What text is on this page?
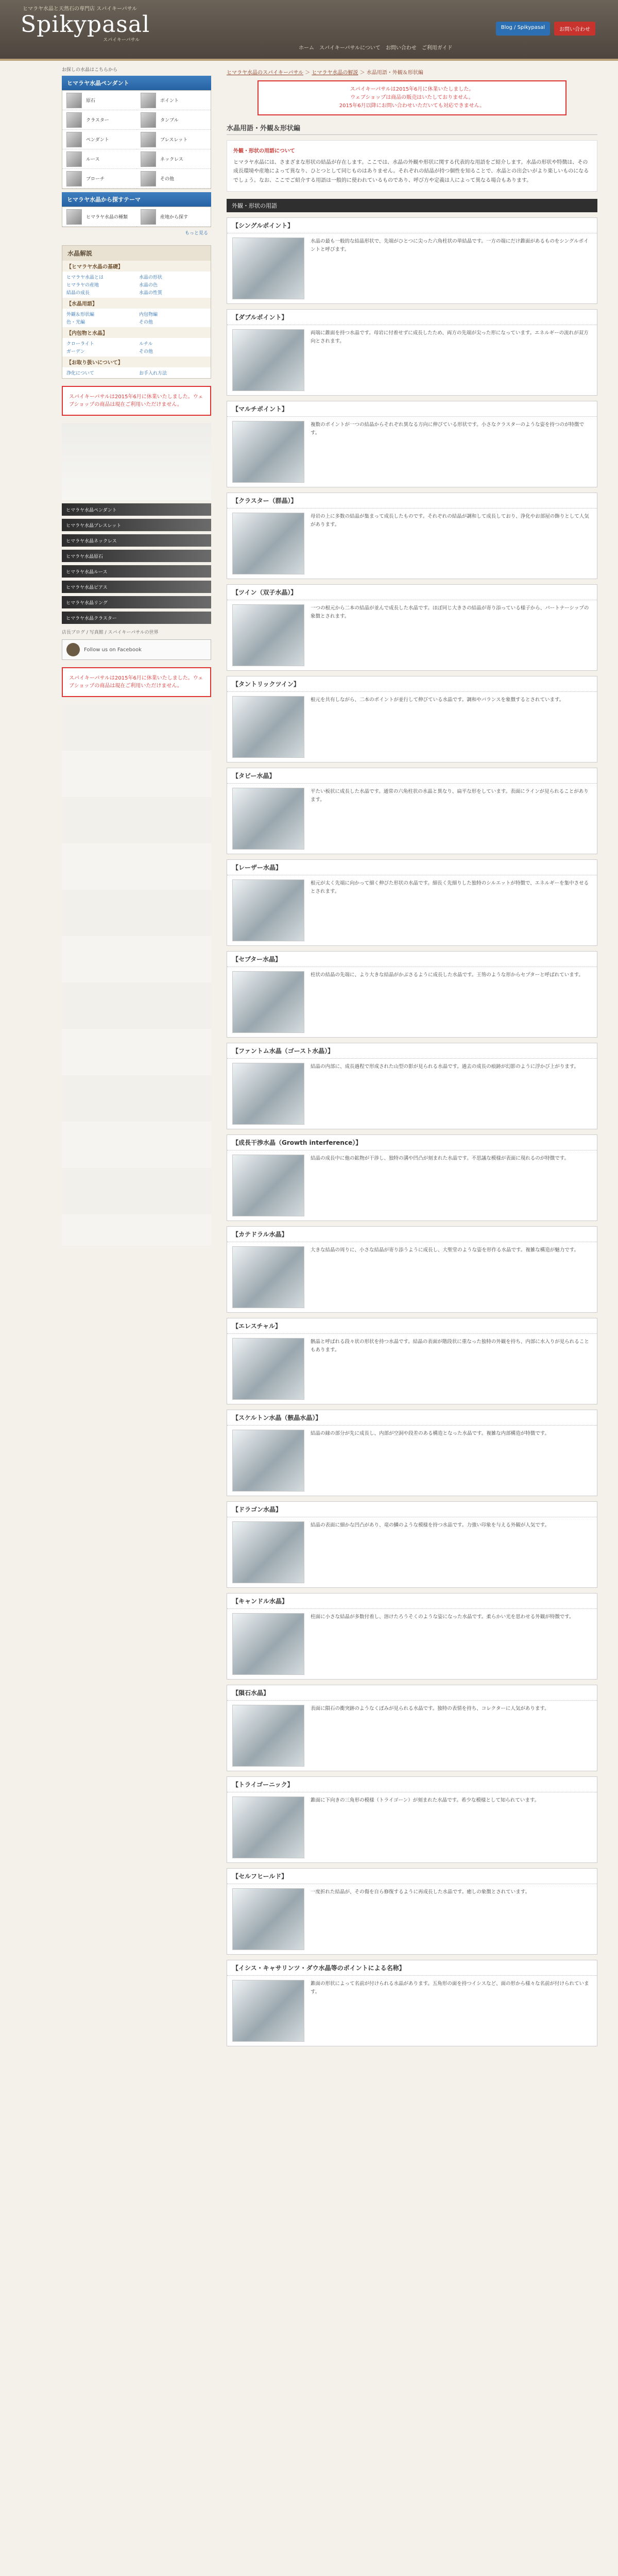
ヒマラヤ水晶と天然石の専門店 スパイキーパサル
Spikypasal
スパイキーパサル
ホーム スパイキーパサルについて お問い合わせ ご利用ガイド
Blog / Spikypasal	お問い合わせ
ヒマラヤ水晶のスパイキーパサル ＞ ヒマラヤ水晶の解説 ＞ 水晶用語・外観＆形状編
お探しの水晶はこちらから
ヒマラヤ水晶ペンダント
原石	ポイント
クラスター	タンブル
ペンダント	ブレスレット
ルース	ネックレス
ブローチ	その他
ヒマラヤ水晶から探すテーマ
ヒマラヤ水晶の種類	産地から探す
もっと見る
水晶解説
【ヒマラヤ水晶の基礎】
ヒマラヤ水晶とは	水晶の形状
ヒマラヤの産地	水晶の色
結晶の成長	水晶の性質
【水晶用語】
外観＆形状編	内包物編
色・光編	その他
【内包物と水晶】
クローライト	ルチル
ガーデン	その他
【お取り扱いについて】
浄化について	お手入れ方法
スパイキーパサルは2015年6月に休業いたしました。ウェブショップの商品は現在ご利用いただけません。
ヒマラヤ水晶ペンダント
ヒマラヤ水晶ブレスレット
ヒマラヤ水晶ネックレス
ヒマラヤ水晶原石
ヒマラヤ水晶ルース
ヒマラヤ水晶ピアス
ヒマラヤ水晶リング
ヒマラヤ水晶クラスター
店長ブログ / 写真館 / スパイキーパサルの世界
Follow us on Facebook
スパイキーパサルは2015年6月に休業いたしました。ウェブショップの商品は現在ご利用いただけません。
スパイキーパサルは2015年6月に休業いたしました。
ウェブショップは商品の販売はいたしておりません。
2015年6月以降にお問い合わせいただいても対応できません。
水晶用語・外観＆形状編
外観・形状の用語について
ヒマラヤ水晶には、さまざまな形状の結晶が存在します。ここでは、水晶の外観や形状に関する代表的な用語をご紹介します。水晶の形状や特徴は、その成長環境や産地によって異なり、ひとつとして同じものはありません。それぞれの結晶が持つ個性を知ることで、水晶との出会いがより楽しいものになるでしょう。なお、ここでご紹介する用語は一般的に使われているものであり、呼び方や定義は人によって異なる場合もあります。
外観・形状の用語
【シングルポイント】
水晶の最も一般的な結晶形状で、先端がひとつに尖った六角柱状の単結晶です。一方の端にだけ錐面があるものをシングルポイントと呼びます。
【ダブルポイント】
両端に錐面を持つ水晶です。母岩に付着せずに成長したため、両方の先端が尖った形になっています。エネルギーの流れが双方向とされます。
【マルチポイント】
複数のポイントが一つの結晶からそれぞれ異なる方向に伸びている形状です。小さなクラスターのような姿を持つのが特徴です。
【クラスター（群晶）】
母岩の上に多数の結晶が集まって成長したものです。それぞれの結晶が調和して成長しており、浄化やお部屋の飾りとして人気があります。
【ツイン（双子水晶）】
一つの根元から二本の結晶が並んで成長した水晶です。ほぼ同じ大きさの結晶が寄り添っている様子から、パートナーシップの象徴とされます。
【タントリックツイン】
根元を共有しながら、二本のポイントが並行して伸びている水晶です。調和やバランスを象徴するとされています。
【タビー水晶】
平たい板状に成長した水晶です。通常の六角柱状の水晶と異なり、扁平な形をしています。表面にラインが見られることがあります。
【レーザー水晶】
根元が太く先端に向かって細く伸びた形状の水晶です。細長く先細りした独特のシルエットが特徴で、エネルギーを集中させるとされます。
【セプター水晶】
柱状の結晶の先端に、より大きな結晶がかぶさるように成長した水晶です。王笏のような形からセプターと呼ばれています。
【ファントム水晶（ゴースト水晶）】
結晶の内部に、成長過程で形成された山型の影が見られる水晶です。過去の成長の痕跡が幻影のように浮かび上がります。
【成長干渉水晶（Growth interference）】
結晶の成長中に他の鉱物が干渉し、独特の溝や凹凸が刻まれた水晶です。不思議な模様が表面に現れるのが特徴です。
【カテドラル水晶】
大きな結晶の周りに、小さな結晶が寄り添うように成長し、大聖堂のような姿を形作る水晶です。複雑な構造が魅力です。
【エレスチャル】
骸晶と呼ばれる段々状の形状を持つ水晶です。結晶の表面が階段状に重なった独特の外観を持ち、内部に水入りが見られることもあります。
【スケルトン水晶（骸晶水晶）】
結晶の縁の部分が先に成長し、内部が空洞や段差のある構造となった水晶です。複雑な内部構造が特徴です。
【ドラゴン水晶】
結晶の表面に細かな凹凸があり、竜の鱗のような模様を持つ水晶です。力強い印象を与える外観が人気です。
【キャンドル水晶】
柱面に小さな結晶が多数付着し、溶けたろうそくのような姿になった水晶です。柔らかい光を思わせる外観が特徴です。
【隕石水晶】
表面に隕石の衝突跡のようなくぼみが見られる水晶です。独特の表情を持ち、コレクターに人気があります。
【トライゴーニック】
錐面に下向きの三角形の模様（トライゴーン）が刻まれた水晶です。希少な模様として知られています。
【セルフヒールド】
一度折れた結晶が、その傷を自ら修復するように再成長した水晶です。癒しの象徴とされています。
【イシス・キャサリンツ・ダウ水晶等のポイントによる名称】
錐面の形状によって名前が付けられる水晶があります。五角形の面を持つイシスなど、面の形から様々な名前が付けられています。
